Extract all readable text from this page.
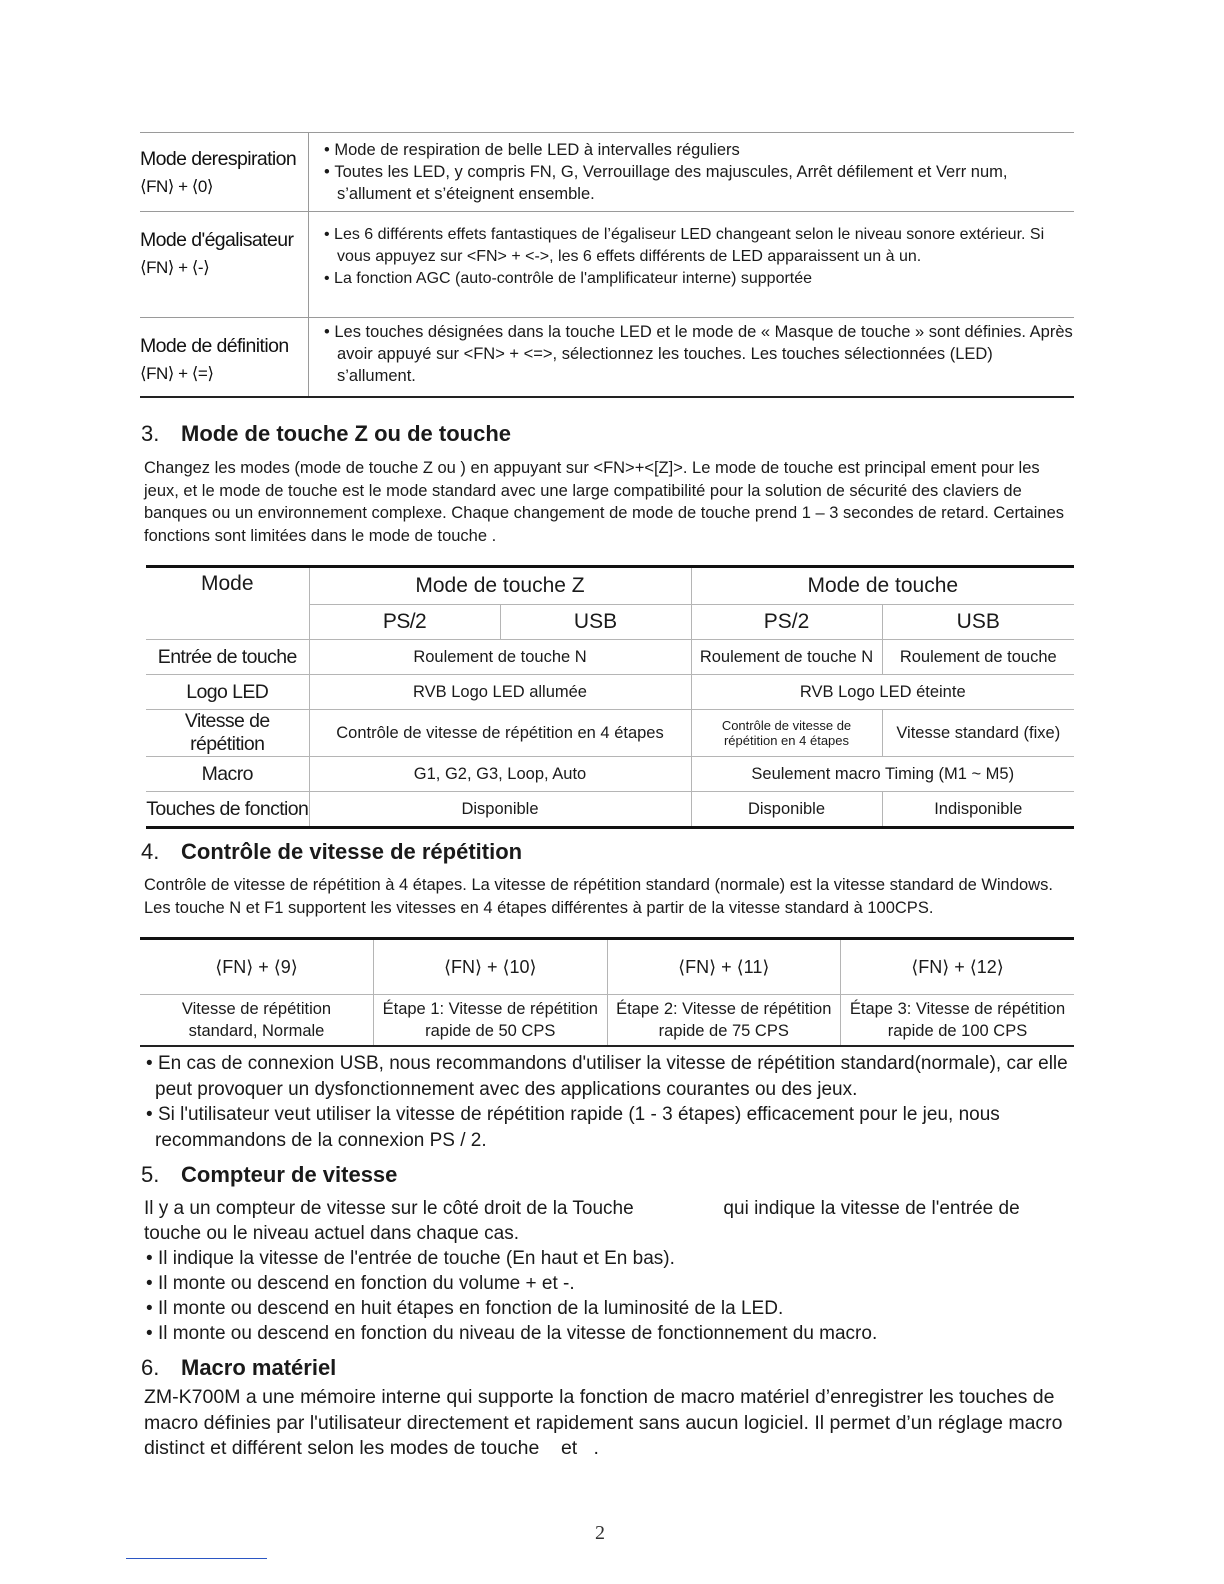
Mode derespiration
⟨FN⟩ + ⟨0⟩	• Mode de respiration de belle LED à intervalles réguliers
• Toutes les LED, y compris FN, G, Verrouillage des majuscules, Arrêt défilement et Verr num, s’allument et s’éteignent ensemble.

Mode d'égalisateur
⟨FN⟩ + ⟨-⟩	• Les 6 différents effets fantastiques de l’égaliseur LED changeant selon le niveau sonore extérieur. Si vous appuyez sur <FN> + <->, les 6 effets différents de LED apparaissent un à un.
• La fonction AGC (auto-contrôle de l'amplificateur interne) supportée

Mode de définition
⟨FN⟩ + ⟨=⟩	• Les touches désignées dans la touche LED et le mode de « Masque de touche » sont définies. Après avoir appuyé sur <FN> + <=>, sélectionnez les touches. Les touches sélectionnées (LED) s’allument.
3. Mode de touche Z ou de touche

Changez les modes (mode de touche Z ou ) en appuyant sur <FN>+<[Z]>. Le mode de touche est principal ement pour les jeux, et le mode de touche est le mode standard avec une large compatibilité pour la solution de sécurité des claviers de banques ou un environnement complexe. Chaque changement de mode de touche prend 1 – 3 secondes de retard. Certaines fonctions sont limitées dans le mode de touche .

Mode	Mode de touche Z		Mode de touche	
	PS/2	USB	PS/2	USB
Entrée de touche	Roulement de touche N		Roulement de touche N	Roulement de touche
Logo LED	RVB Logo LED allumée		RVB Logo LED éteinte	
Vitesse de répétition	Contrôle de vitesse de répétition en 4 étapes		Contrôle de vitesse de répétition en 4 étapes	Vitesse standard (fixe)
Macro	G1, G2, G3, Loop, Auto		Seulement macro Timing (M1 ~ M5)	
Touches de fonction	Disponible		Disponible	Indisponible
4. Contrôle de vitesse de répétition

Contrôle de vitesse de répétition à 4 étapes. La vitesse de répétition standard (normale) est la vitesse standard de Windows. Les touche N et F1 supportent les vitesses en 4 étapes différentes à partir de la vitesse standard à 100CPS.

⟨FN⟩ + ⟨9⟩	⟨FN⟩ + ⟨10⟩	⟨FN⟩ + ⟨11⟩	⟨FN⟩ + ⟨12⟩
Vitesse de répétition standard, Normale	Étape 1: Vitesse de répétition rapide de 50 CPS	Étape 2: Vitesse de répétition rapide de 75 CPS	Étape 3: Vitesse de répétition rapide de 100 CPS
• En cas de connexion USB, nous recommandons d'utiliser la vitesse de répétition standard(normale), car elle peut provoquer un dysfonctionnement avec des applications courantes ou des jeux.
• Si l'utilisateur veut utiliser la vitesse de répétition rapide (1 - 3 étapes) efficacement pour le jeu, nous recommandons de la connexion PS / 2.
5. Compteur de vitesse

Il y a un compteur de vitesse sur le côté droit de la Touche                 qui indique la vitesse de l'entrée de touche ou le niveau actuel dans chaque cas.

• Il indique la vitesse de l'entrée de touche (En haut et En bas).
• Il monte ou descend en fonction du volume + et -.
• Il monte ou descend en huit étapes en fonction de la luminosité de la LED.
• Il monte ou descend en fonction du niveau de la vitesse de fonctionnement du macro.
6. Macro matériel

ZM-K700M a une mémoire interne qui supporte la fonction de macro matériel d’enregistrer les touches de macro définies par l'utilisateur directement et rapidement sans aucun logiciel. Il permet d’un réglage macro distinct et différent selon les modes de touche    et   .

2
